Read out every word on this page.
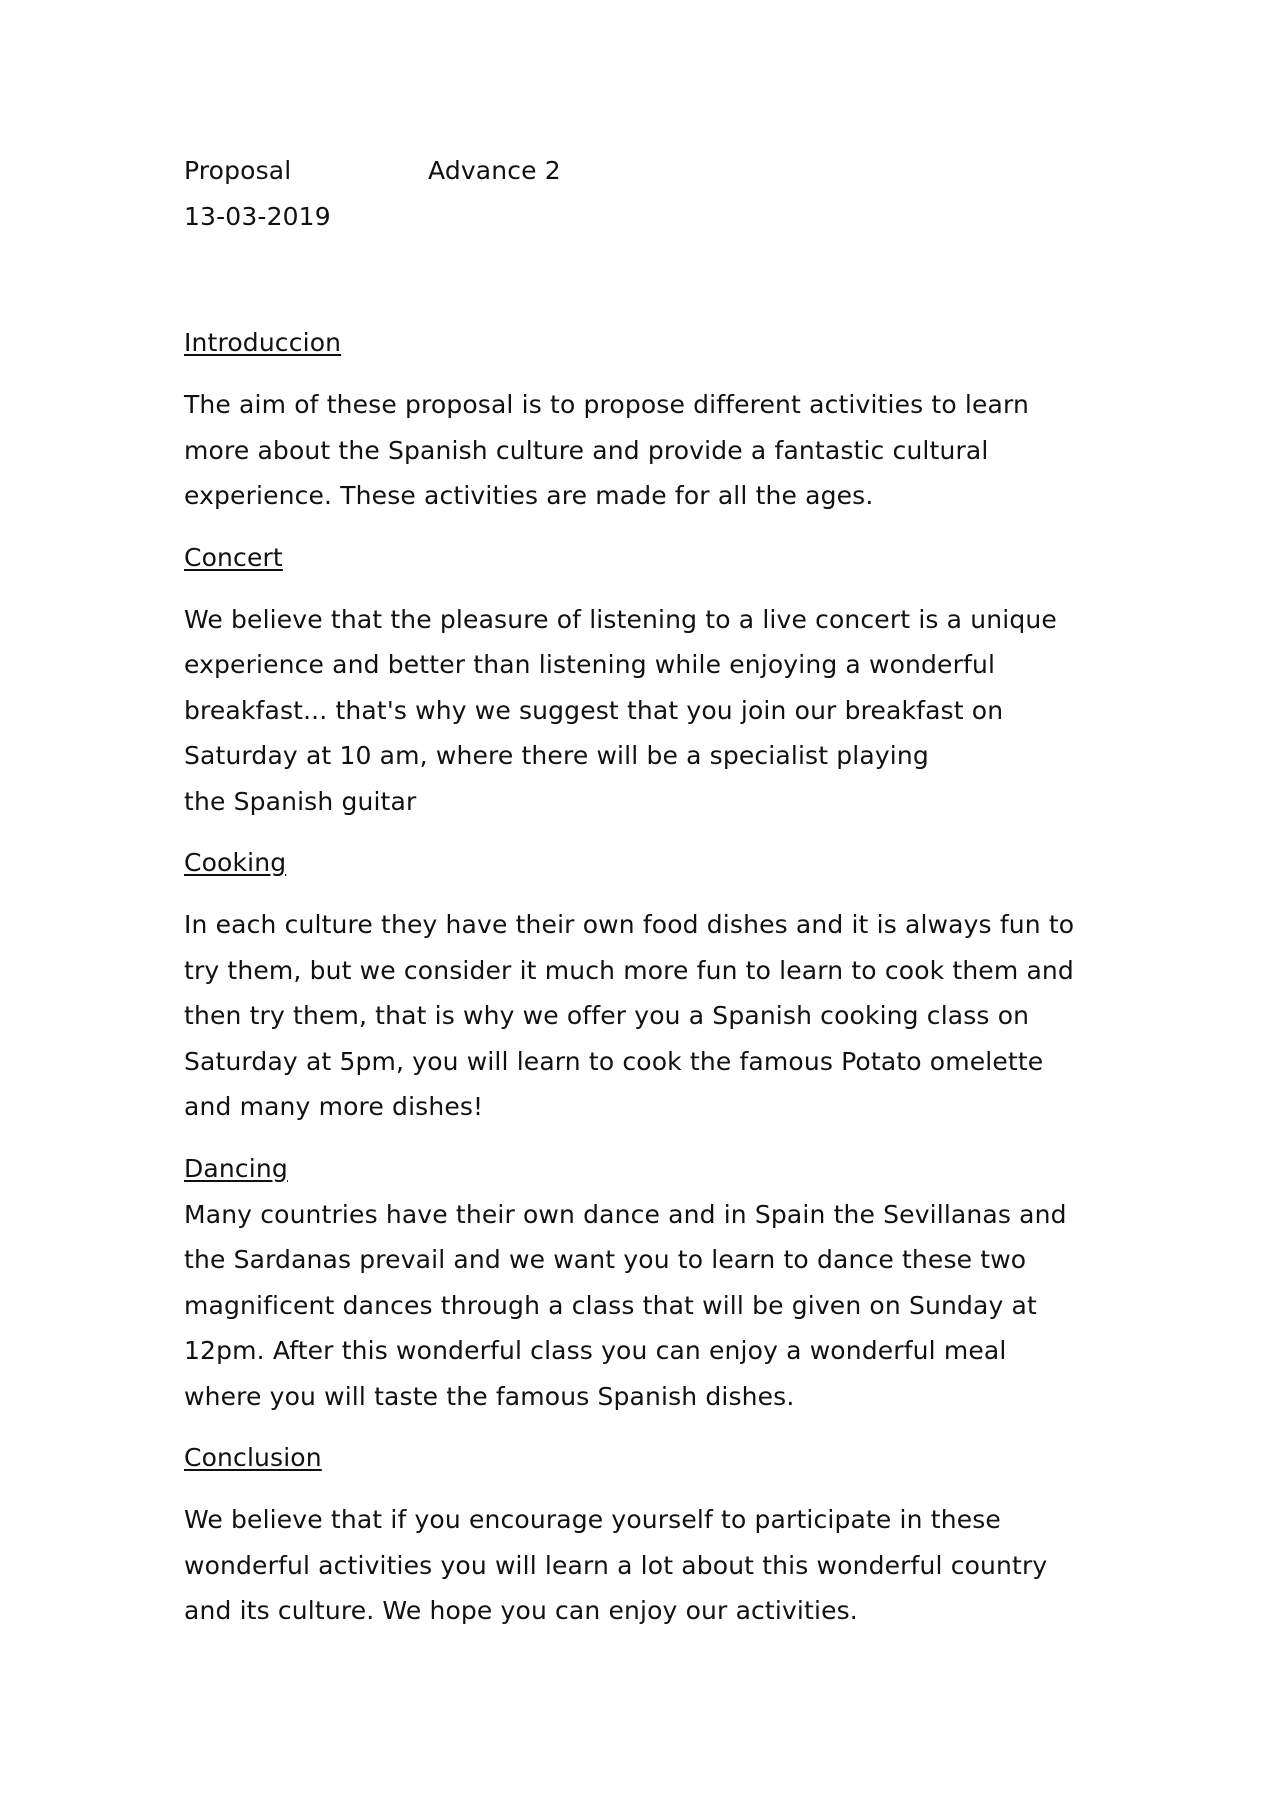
Proposal	Advance 2
13-03-2019
Introduccion
The aim of these proposal is to propose different activities to learn
more about the Spanish culture and provide a fantastic cultural
experience. These activities are made for all the ages.
Concert
We believe that the pleasure of listening to a live concert is a unique
experience and better than listening while enjoying a wonderful
breakfast... that's why we suggest that you join our breakfast on
Saturday at 10 am, where there will be a specialist playing
the Spanish guitar
Cooking
In each culture they have their own food dishes and it is always fun to
try them, but we consider it much more fun to learn to cook them and
then try them, that is why we offer you a Spanish cooking class on
Saturday at 5pm, you will learn to cook the famous Potato omelette
and many more dishes!
Dancing
Many countries have their own dance and in Spain the Sevillanas and
the Sardanas prevail and we want you to learn to dance these two
magnificent dances through a class that will be given on Sunday at
12pm. After this wonderful class you can enjoy a wonderful meal
where you will taste the famous Spanish dishes.
Conclusion
We believe that if you encourage yourself to participate in these
wonderful activities you will learn a lot about this wonderful country
and its culture. We hope you can enjoy our activities.
